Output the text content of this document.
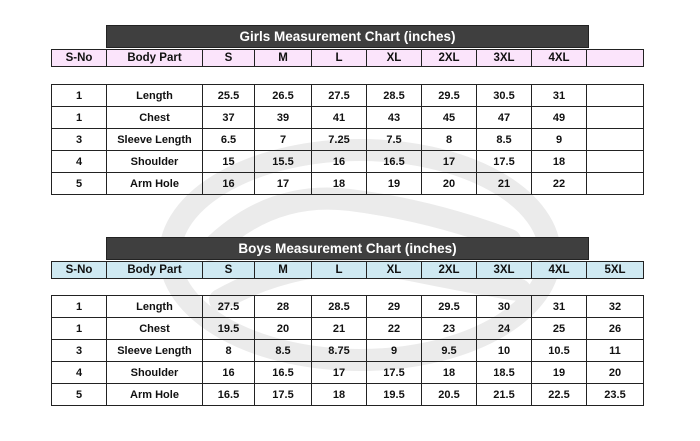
Girls Measurement Chart (inches)
S-No	Body Part	S	M	L	XL	2XL	3XL	4XL	
1	Length	25.5	26.5	27.5	28.5	29.5	30.5	31	
1	Chest	37	39	41	43	45	47	49	
3	Sleeve Length	6.5	7	7.25	7.5	8	8.5	9	
4	Shoulder	15	15.5	16	16.5	17	17.5	18	
5	Arm Hole	16	17	18	19	20	21	22	
Boys Measurement Chart (inches)
S-No	Body Part	S	M	L	XL	2XL	3XL	4XL	5XL
1	Length	27.5	28	28.5	29	29.5	30	31	32
1	Chest	19.5	20	21	22	23	24	25	26
3	Sleeve Length	8	8.5	8.75	9	9.5	10	10.5	11
4	Shoulder	16	16.5	17	17.5	18	18.5	19	20
5	Arm Hole	16.5	17.5	18	19.5	20.5	21.5	22.5	23.5
